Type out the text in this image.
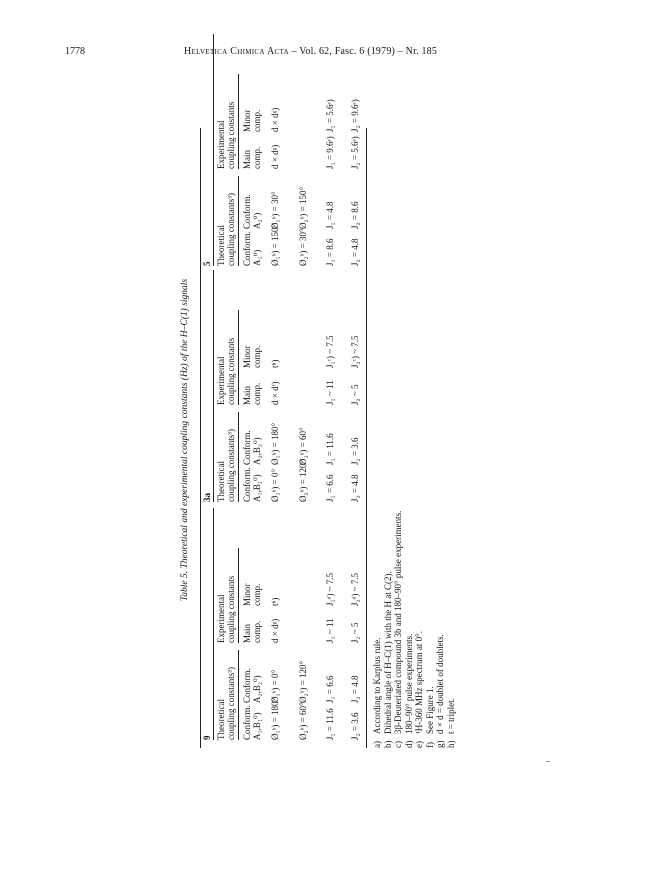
1778	Helvetica Chimica Acta – Vol. 62, Fasc. 6 (1979) – Nr. 185
Table 5. Theoretical and experimental coupling constants (Hz) of the H–C(1) signals
9 Theoretical coupling constants³)
Experimental coupling constants
Conform. A₁,B₁⁰)
Conform. A₂,B₂⁰)
Main comp.
Minor comp.
Ø₁ᵇ) = 180°
Ø₁ᵇ) = 0°
d × dᵍ)
tʰ)
Ø₂ᵇ) = 60°
Ø₂ᵇ) = 120°
J₁ = 11.6
J₁ = 6.6
J₁ ~ 11
J₁ᵈ) ~ 7.5
J₂ = 3.6
J₂ = 4.8
J₂ ~ 5
J₂ᵈ) ~ 7.5
3a Theoretical coupling constants³)
Experimental coupling constants
Conform. A₁,B₁⁰)
Conform. A₂,B₂⁰)
Main comp.
Minor comp.
Ø₁ᵇ) = 0°
Ø₁ᵇ) = 180°
d × dᶠ)
tʰ)
Ø₂ᵇ) = 120°
Ø₂ᵇ) = 60°
J₁ = 6.6
J₁ = 11.6
J₁ ~ 11
J₁ᶜ) ~ 7.5
J₂ = 4.8
J₂ = 3.6
J₂ ~ 5
J₂ᶜ) ~ 7.5
5 Theoretical coupling constants³)
Experimental coupling constants
Conform. A₁⁰)
Conform. A₂⁰)
Main comp.
Minor comp.
Ø₁ᵇ) = 150°
Ø₁ᵇ) = 30°
d × dᵍ)
d × dᵍ)
Ø₂ᵇ) = 30°
Ø₂ᵇ) = 150°
J₁ = 8.6
J₁ = 4.8
J₁ = 9.6ᵉ)
J₁ = 5.6ᵉ)
J₂ = 4.8
J₂ = 8.6
J₂ = 5.6ᵉ)
J₂ = 9.6ᵉ)
a)According to Karplus rule.
b)Dihedral angle of H–C(1) with the H at C(2).
c)3β-Deuteriated compound 3b and 180–90° pulse experiments.
d)180–90° pulse experiments.
e)¹H-360 MHz spectrum at 0°.
f)See Figure 1.
g)d × d = doublet of doublets.
h)t = triplet.
